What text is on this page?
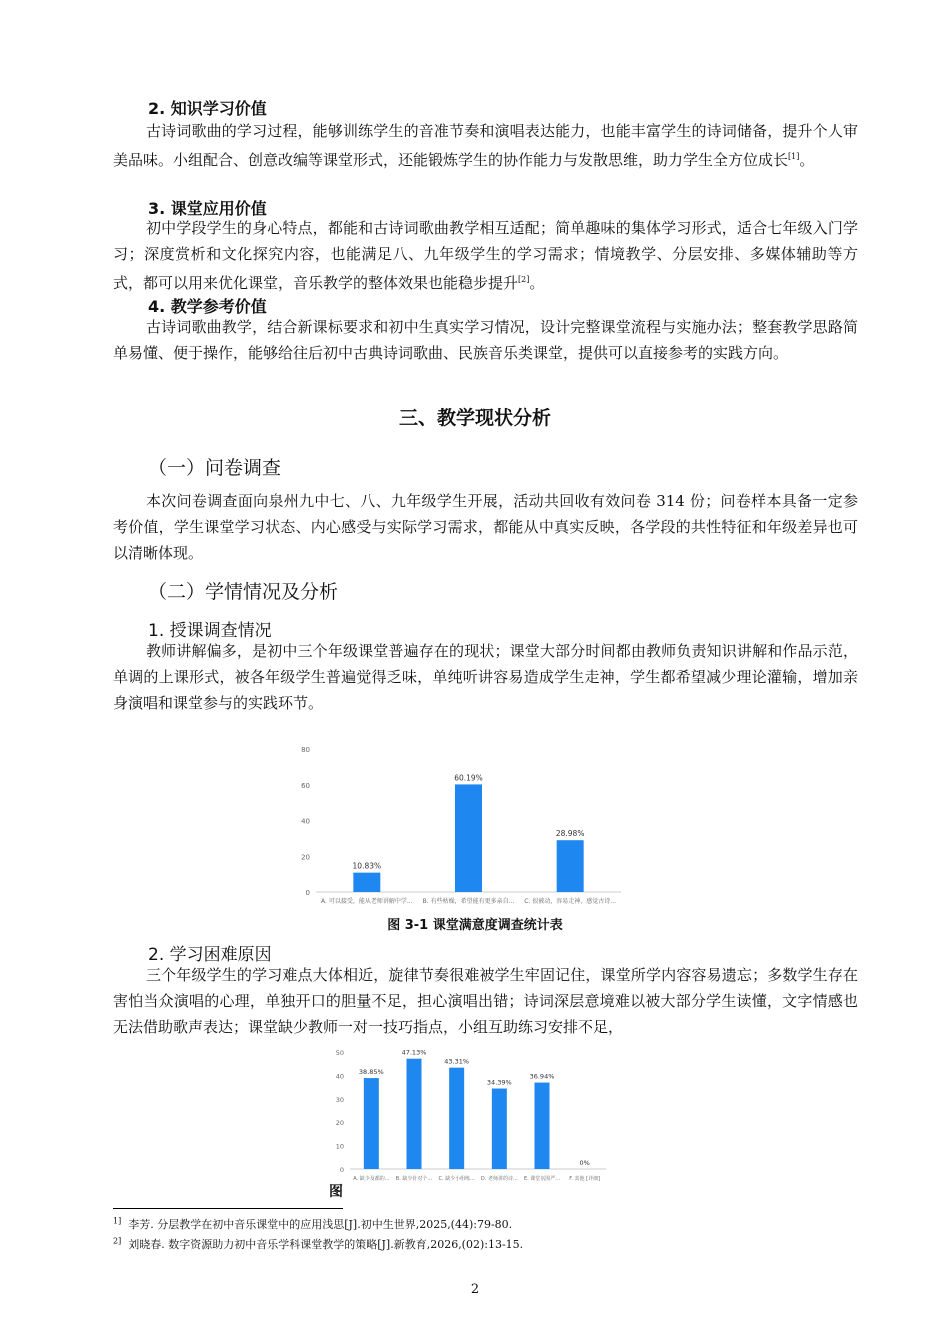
2. 知识学习价值

古诗词歌曲的学习过程，能够训练学生的音准节奏和演唱表达能力，也能丰富学生的诗词储备，提升个人审美品味。小组配合、创意改编等课堂形式，还能锻炼学生的协作能力与发散思维，助力学生全方位成长[1]。

3. 课堂应用价值

初中学段学生的身心特点，都能和古诗词歌曲教学相互适配；简单趣味的集体学习形式，适合七年级入门学习；深度赏析和文化探究内容，也能满足八、九年级学生的学习需求；情境教学、分层安排、多媒体辅助等方式，都可以用来优化课堂，音乐教学的整体效果也能稳步提升[2]。

4. 教学参考价值

古诗词歌曲教学，结合新课标要求和初中生真实学习情况，设计完整课堂流程与实施办法；整套教学思路简单易懂、便于操作，能够给往后初中古典诗词歌曲、民族音乐类课堂，提供可以直接参考的实践方向。

三、教学现状分析
（一）问卷调查

本次问卷调查面向泉州九中七、八、九年级学生开展，活动共回收有效问卷 314 份；问卷样本具备一定参考价值，学生课堂学习状态、内心感受与实际学习需求，都能从中真实反映，各学段的共性特征和年级差异也可以清晰体现。

（二）学情情况及分析
1. 授课调查情况

教师讲解偏多，是初中三个年级课堂普遍存在的现状；课堂大部分时间都由教师负责知识讲解和作品示范，单调的上课形式，被各年级学生普遍觉得乏味，单纯听讲容易造成学生走神，学生都希望减少理论灌输，增加亲身演唱和课堂参与的实践环节。

0
20
40
60
80
10.83%
A. 可以接受，能从老师讲解中学...
60.19%
B. 有些枯燥，希望能有更多亲自...
28.98%
C. 很被动，容易走神，感觉古诗...
图 3-1 课堂满意度调查统计表
2. 学习困难原因

三个年级学生的学习难点大体相近，旋律节奏很难被学生牢固记住，课堂所学内容容易遗忘；多数学生存在害怕当众演唱的心理，单独开口的胆量不足，担心演唱出错；诗词深层意境难以被大部分学生读懂，文字情感也无法借助歌声表达；课堂缺少教师一对一技巧指点，小组互助练习安排不足，

0
10
20
30
40
50
38.85%
A. 缺少及都的...
47.13%
B. 缺少针对个...
43.31%
C. 缺少小组练...
34.39%
D. 老师讲的诗...
36.94%
E. 课堂氛围严...
0%
F. 其他 [详细]
图
$^{1]}$ 李芳. 分层教学在初中音乐课堂中的应用浅思[J].初中生世界,2025,(44):79-80.
$^{2]}$ 刘晓春. 数字资源助力初中音乐学科课堂教学的策略[J].新教育,2026,(02):13-15.
2
